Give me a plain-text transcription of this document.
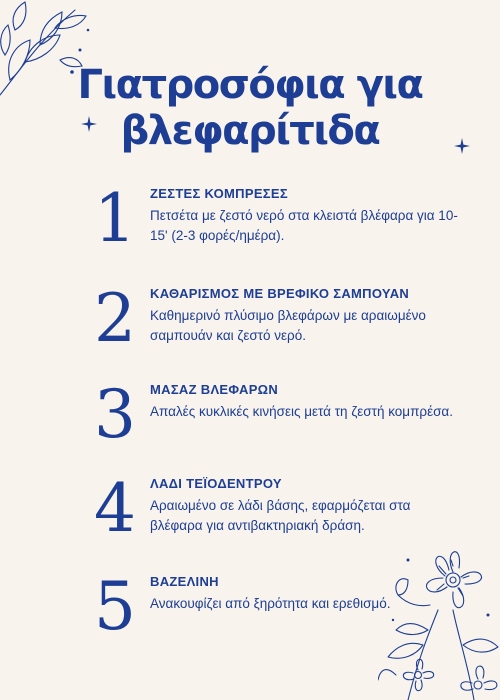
Γιατροσόφια για
βλεφαρίτιδα
1	ΖΕΣΤΕΣ ΚΟΜΠΡΕΣΕΣ
Πετσέτα με ζεστό νερό στα κλειστά βλέφαρα για 10-15' (2-3 φορές/ημέρα).
2	ΚΑΘΑΡΙΣΜΟΣ ΜΕ ΒΡΕΦΙΚΟ ΣΑΜΠΟΥΑΝ
Καθημερινό πλύσιμο βλεφάρων με αραιωμένο σαμπουάν και ζεστό νερό.
3	ΜΑΣΑΖ ΒΛΕΦΑΡΩΝ
Απαλές κυκλικές κινήσεις μετά τη ζεστή κομπρέσα.
4	ΛΑΔΙ ΤΕΪΟΔΕΝΤΡΟΥ
Αραιωμένο σε λάδι βάσης, εφαρμόζεται στα βλέφαρα για αντιβακτηριακή δράση.
5	ΒΑΖΕΛΙΝΗ
Ανακουφίζει από ξηρότητα και ερεθισμό.
